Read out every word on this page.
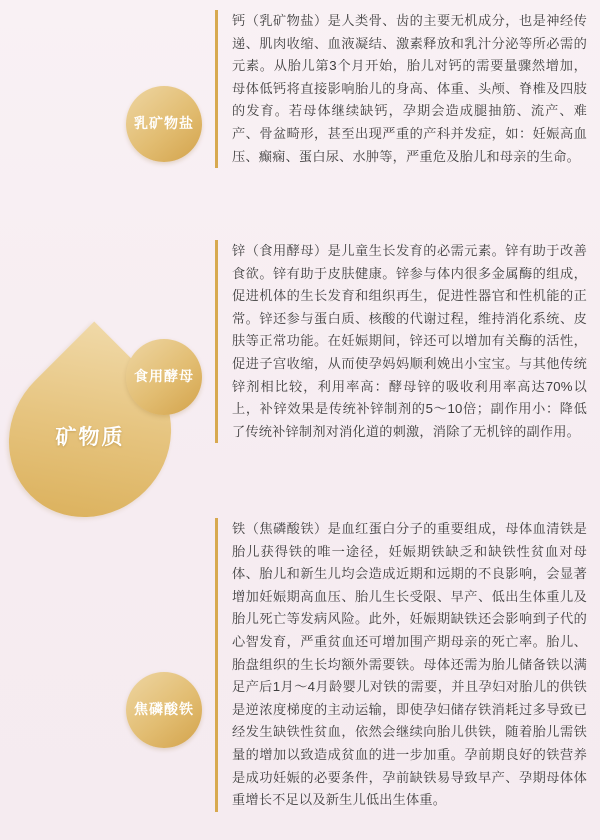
矿物质
乳矿物盐
食用酵母
焦磷酸铁

钙（乳矿物盐）是人类骨、齿的主要无机成分，也是神经传递、肌肉收缩、血液凝结、激素释放和乳汁分泌等所必需的元素。从胎儿第3个月开始，胎儿对钙的需要量骤然增加，母体低钙将直接影响胎儿的身高、体重、头颅、脊椎及四肢的发育。若母体继续缺钙，孕期会造成腿抽筋、流产、难产、骨盆畸形，甚至出现严重的产科并发症，如：妊娠高血压、癫痫、蛋白尿、水肿等，严重危及胎儿和母亲的生命。

锌（食用酵母）是儿童生长发育的必需元素。锌有助于改善食欲。锌有助于皮肤健康。锌参与体内很多金属酶的组成，促进机体的生长发育和组织再生，促进性器官和性机能的正常。锌还参与蛋白质、核酸的代谢过程，维持消化系统、皮肤等正常功能。在妊娠期间，锌还可以增加有关酶的活性，促进子宫收缩，从而使孕妈妈顺利娩出小宝宝。与其他传统锌剂相比较，利用率高：酵母锌的吸收利用率高达70%以上，补锌效果是传统补锌制剂的5～10倍；副作用小：降低了传统补锌制剂对消化道的刺激，消除了无机锌的副作用。

铁（焦磷酸铁）是血红蛋白分子的重要组成，母体血清铁是胎儿获得铁的唯一途径，妊娠期铁缺乏和缺铁性贫血对母体、胎儿和新生儿均会造成近期和远期的不良影响，会显著增加妊娠期高血压、胎儿生长受限、早产、低出生体重儿及胎儿死亡等发病风险。此外，妊娠期缺铁还会影响到子代的心智发育，严重贫血还可增加围产期母亲的死亡率。胎儿、胎盘组织的生长均额外需要铁。母体还需为胎儿储备铁以满足产后1月～4月龄婴儿对铁的需要，并且孕妇对胎儿的供铁是逆浓度梯度的主动运输，即使孕妇储存铁消耗过多导致已经发生缺铁性贫血，依然会继续向胎儿供铁，随着胎儿需铁量的增加以致造成贫血的进一步加重。孕前期良好的铁营养是成功妊娠的必要条件，孕前缺铁易导致早产、孕期母体体重增长不足以及新生儿低出生体重。
